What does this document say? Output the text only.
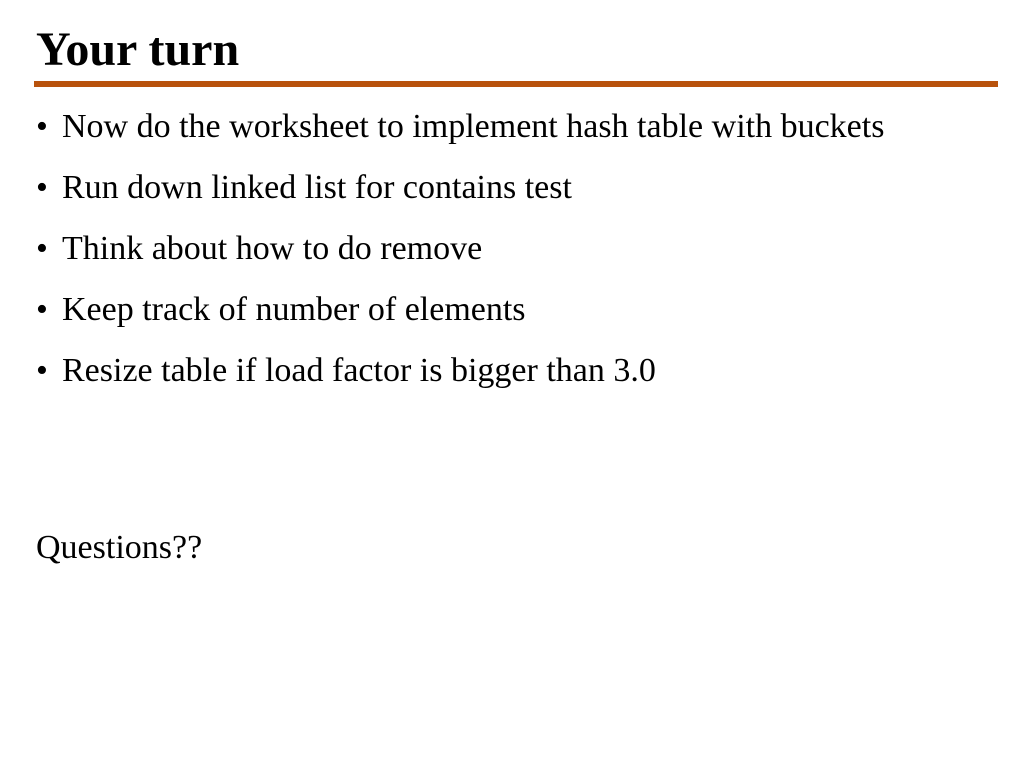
Your turn
• Now do the worksheet to implement hash table with buckets
• Run down linked list for contains test
• Think about how to do remove
• Keep track of number of elements
• Resize table if load factor is bigger than 3.0

Questions??
